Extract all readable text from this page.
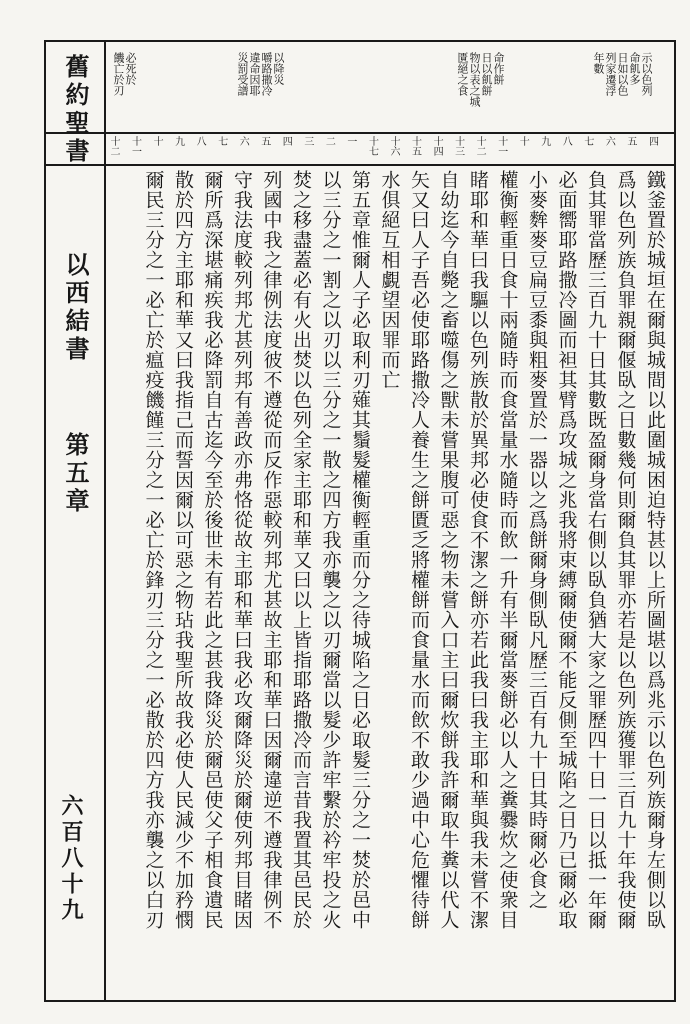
舊約聖書
以西結書
第五章
六百八十九
示以色列
命飢多
日如以色
列家遷浮
年數
命作餅
日以飢餅
物以表之城
匱絕之食
以降災
嚼路撒冷
違命因耶
災罰受譜
必死於
饑亡於刃
四
五
六
七
八
九
十
十一
十二
十三
十四
十五
十六
十七
一
二
三
四
五
六
七
八
九
十
十一
十二
鐵釜置於城垣在爾與城間以此圍城困迫特甚以上所圖堪以爲兆示以色列族爾身左側以臥
爲以色列族負罪親爾偃臥之日數幾何則爾負其罪亦若是以色列族獲罪三百九十年我使爾
負其罪當歷三百九十日其數既盈爾身當右側以臥負猶大家之罪歷四十日一日以抵一年爾
必面嚮耶路撒冷圖而袒其臂爲攻城之兆我將束縛爾使爾不能反側至城陷之日乃已爾必取
小麥麰麥豆扁豆黍與粗麥置於一器以之爲餅爾身側臥凡歷三百有九十日其時爾必食之
權衡輕重日食十兩隨時而食當量水隨時而飲一升有半爾當麥餅必以人之糞爨炊之使衆目
睹耶和華曰我驅以色列族散於異邦必使食不潔之餅亦若此我曰我主耶和華與我未嘗不潔
自幼迄今自斃之畜噬傷之獸未嘗果腹可惡之物未嘗入口主曰爾炊餅我許爾取牛糞以代人
矢又曰人子吾必使耶路撒冷人養生之餅匱乏將權餅而食量水而飲不敢少過中心危懼待餅
水俱絕互相覷望因罪而亡
第五章惟爾人子必取利刃薙其鬚髮權衡輕重而分之待城陷之日必取髮三分之一焚於邑中
以三分之一割之以刃以三分之一散之四方我亦襲之以刃爾當以髮少許牢繫於衿牢投之火
焚之移盡蓋必有火出焚以色列全家主耶和華又曰以上皆指耶路撒冷而言昔我置其邑民於
列國中我之律例法度彼不遵從而反作惡較列邦尤甚故主耶和華曰因爾違逆不遵我律例不
守我法度較列邦尤甚列邦有善政亦弗恪從故主耶和華曰我必攻爾降災於爾使列邦目睹因
爾所爲深堪痛疾我必降罰自古迄今至於後世未有若此之甚我降災於爾邑使父子相食遺民
散於四方主耶和華又曰我指己而誓因爾以可惡之物玷我聖所故我必使人民減少不加矜憫
爾民三分之一必亡於瘟疫饑饉三分之一必亡於鋒刃三分之一必散於四方我亦襲之以白刃
